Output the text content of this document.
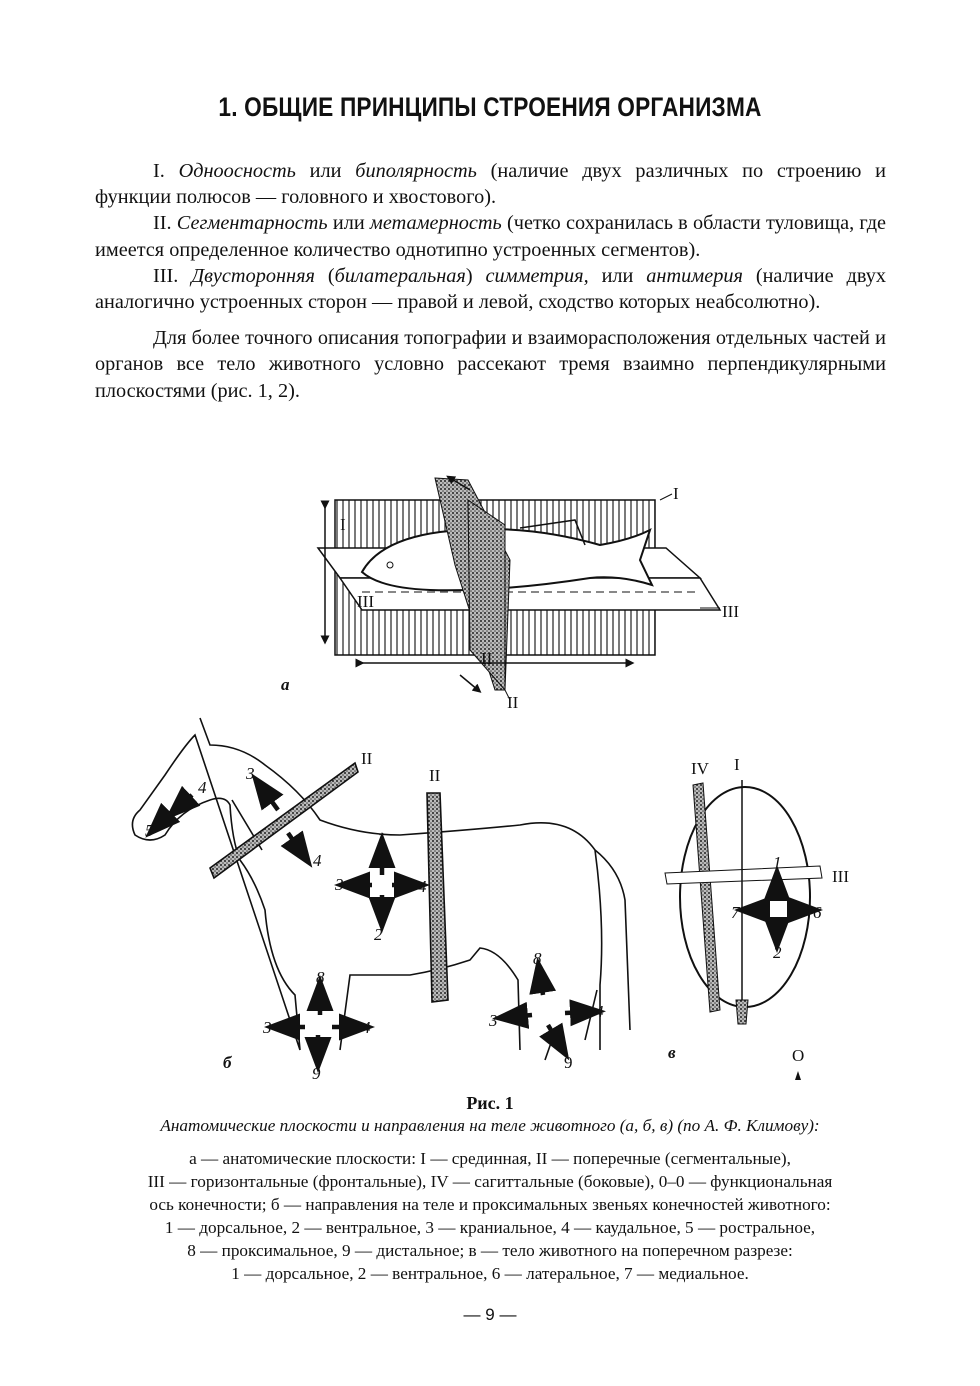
1. ОБЩИЕ ПРИНЦИПЫ СТРОЕНИЯ ОРГАНИЗМА

I. Одноосность или биполярность (наличие двух различных по строению и функции полюсов — головного и хвостового).

II. Сегментарность или метамерность (четко сохранилась в области туловища, где имеется определенное количество однотипно устроенных сегментов).

III. Двусторонняя (билатеральная) симметрия, или антимерия (наличие двух аналогично устроенных сторон — правой и левой, сходство которых неабсолютно).

Для более точного описания топографии и взаиморасположения отдельных частей и органов все тело животного условно рассекают тремя взаимно перпендикулярными плоскостями (рис. 1, 2).

I
I
III
III
II
II
а
II
II
3
4
5
4
1
3	4
2
8
3	4
9
8
3	4
9
б
IV I
III
1
7	6
2
O
в
Рис. 1
Анатомические плоскости и направления на теле животного (а, б, в) (по А. Ф. Климову):
а — анатомические плоскости: I — срединная, II — поперечные (сегментальные),
III — горизонтальные (фронтальные), IV — сагиттальные (боковые), 0–0 — функциональная
ось конечности; б — направления на теле и проксимальных звеньях конечностей животного:
1 — дорсальное, 2 — вентральное, 3 — краниальное, 4 — каудальное, 5 — ростральное,
8 — проксимальное, 9 — дистальное; в — тело животного на поперечном разрезе:
1 — дорсальное, 2 — вентральное, 6 — латеральное, 7 — медиальное.
— 9 —
